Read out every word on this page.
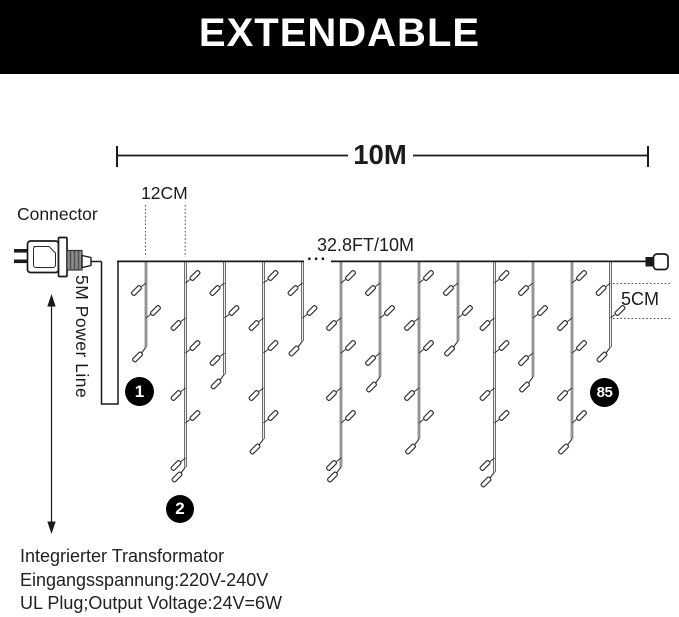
EXTENDABLE
10M
12CM
Connector
5M Power Line
32.8FT/10M
5CM
...
1
2
85
Integrierter Transformator
Eingangsspannung:220V-240V
UL Plug;Output Voltage:24V=6W
